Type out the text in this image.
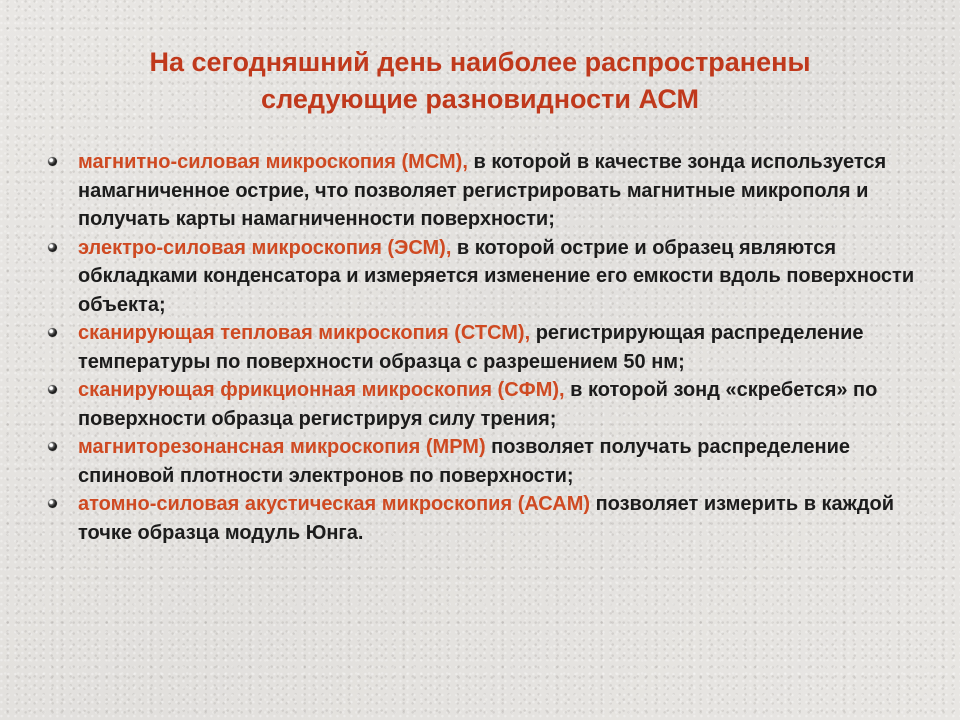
На сегодняшний день наиболее распространены
следующие разновидности АСМ
магнитно-силовая микроскопия (МСМ), в которой в качестве зонда используется намагниченное острие, что позволяет регистрировать магнитные микрополя и получать карты намагниченности поверхности;
электро-силовая микроскопия (ЭСМ), в которой острие и образец являются обкладками конденсатора и измеряется изменение его емкости вдоль поверхности объекта;
сканирующая тепловая микроскопия (СТСМ), регистрирующая распределение температуры по поверхности образца с разрешением 50 нм;
сканирующая фрикционная микроскопия (СФМ), в которой зонд «скребется» по поверхности образца регистрируя силу трения;
магниторезонансная микроскопия (МРМ) позволяет получать распределение спиновой плотности электронов по поверхности;
атомно-силовая акустическая микроскопия (АСАМ) позволяет измерить в каждой точке образца модуль Юнга.
